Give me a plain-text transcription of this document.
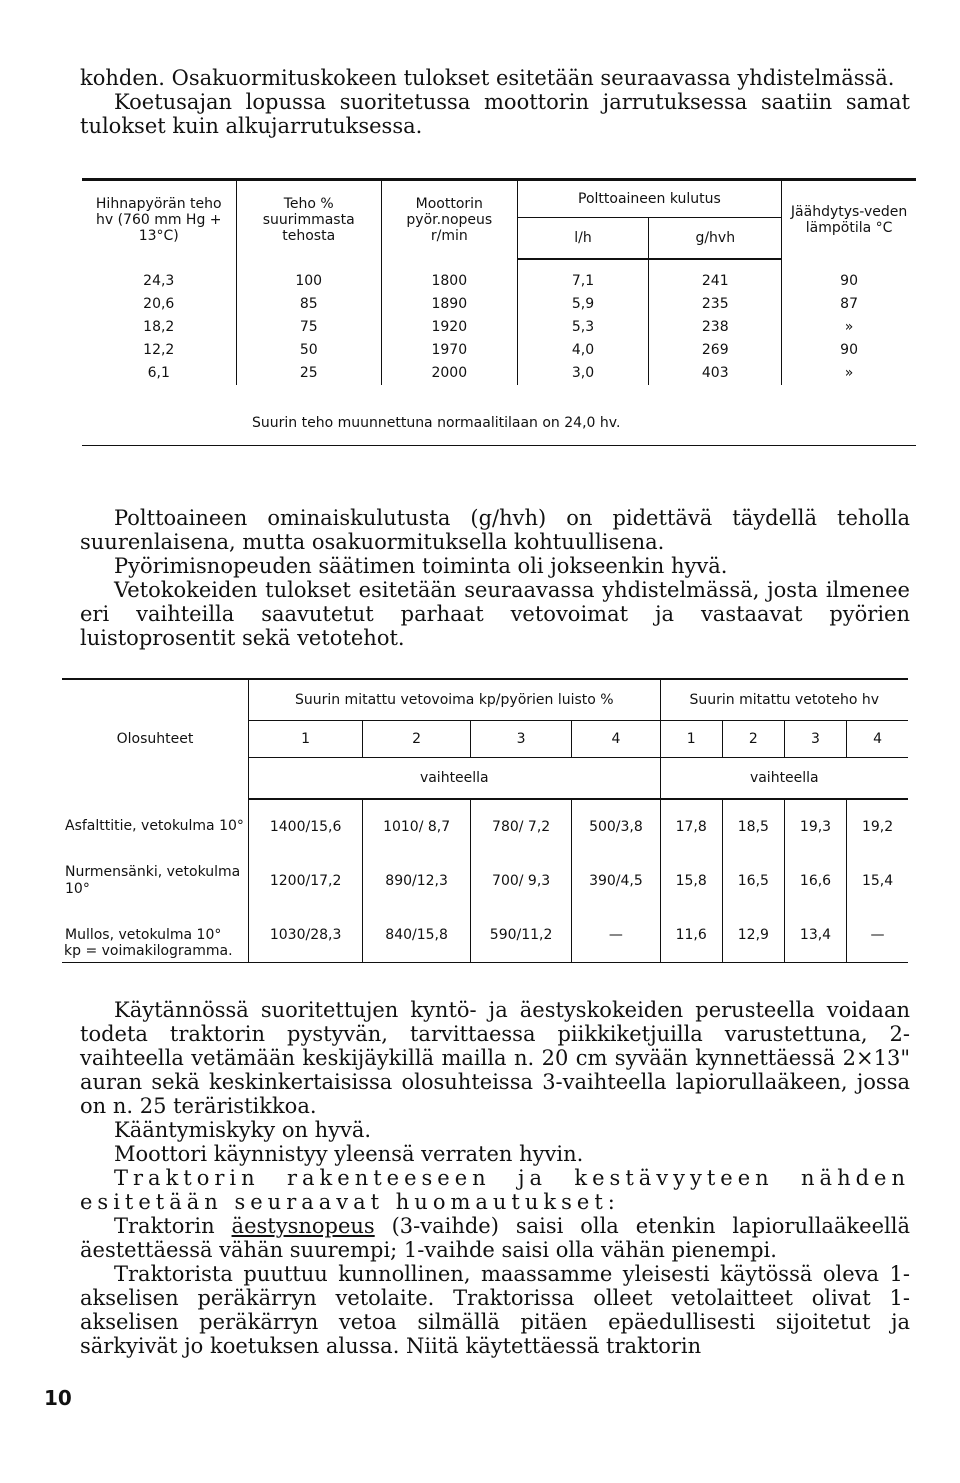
kohden. Osakuormituskokeen tulokset esitetään seuraavassa yhdistelmässä.

Koetusajan lopussa suoritetussa moottorin jarrutuksessa saatiin samat tulokset kuin alkujarrutuksessa.

Hihnapyörän teho hv (760 mm Hg + 13°C)	Teho % suurimmasta tehosta	Moottorin pyör.nopeus r/min	Polttoaineen kulutus		Jäähdytys-veden lämpötila °C
			l/h	g/hvh	
24,3	100	1800	7,1	241	90
20,6	85	1890	5,9	235	87
18,2	75	1920	5,3	238	»
12,2	50	1970	4,0	269	90
6,1	25	2000	3,0	403	»
Suurin teho muunnettuna normaalitilaan on 24,0 hv.					

Polttoaineen ominaiskulutusta (g/hvh) on pidettävä täydellä teholla suurenlaisena, mutta osakuormituksella kohtuullisena.

Pyörimisnopeuden säätimen toiminta oli jokseenkin hyvä.

Vetokokeiden tulokset esitetään seuraavassa yhdistelmässä, josta ilmenee eri vaihteilla saavutetut parhaat vetovoimat ja vastaavat pyörien luistoprosentit sekä vetotehot.

Olosuhteet	Suurin mitattu vetovoima kp/pyörien luisto %				Suurin mitattu vetoteho hv			
	1	2	3	4	1	2	3	4
	vaihteella				vaihteella			
Asfalttitie, vetokulma 10°	1400/15,6	1010/ 8,7	780/ 7,2	500/3,8	17,8	18,5	19,3	19,2
Nurmensänki, vetokulma 10°	1200/17,2	890/12,3	700/ 9,3	390/4,5	15,8	16,5	16,6	15,4
Mullos, vetokulma 10°	1030/28,3	840/15,8	590/11,2	—	11,6	12,9	13,4	—
kp = voimakilogramma.

Käytännössä suoritettujen kyntö- ja äestyskokeiden perusteella voidaan todeta traktorin pystyvän, tarvittaessa piikkiketjuilla varustettuna, 2-vaihteella vetämään keskijäykillä mailla n. 20 cm syvään kynnettäessä 2×13" auran sekä keskinkertaisissa olosuhteissa 3-vaihteella lapiorullaäkeen, jossa on n. 25 teräristikkoa.

Kääntymiskyky on hyvä.

Moottori käynnistyy yleensä verraten hyvin.

Traktorin rakenteeseen ja kestävyyteen nähden esitetään seuraavat huomautukset:

Traktorin äestysnopeus (3-vaihde) saisi olla etenkin lapiorullaäkeellä äestettäessä vähän suurempi; 1-vaihde saisi olla vähän pienempi.

Traktorista puuttuu kunnollinen, maassamme yleisesti käytössä oleva 1-akselisen peräkärryn vetolaite. Traktorissa olleet vetolaitteet olivat 1-akselisen peräkärryn vetoa silmällä pitäen epäedullisesti sijoitetut ja särkyivät jo koetuksen alussa. Niitä käytettäessä traktorin

10
